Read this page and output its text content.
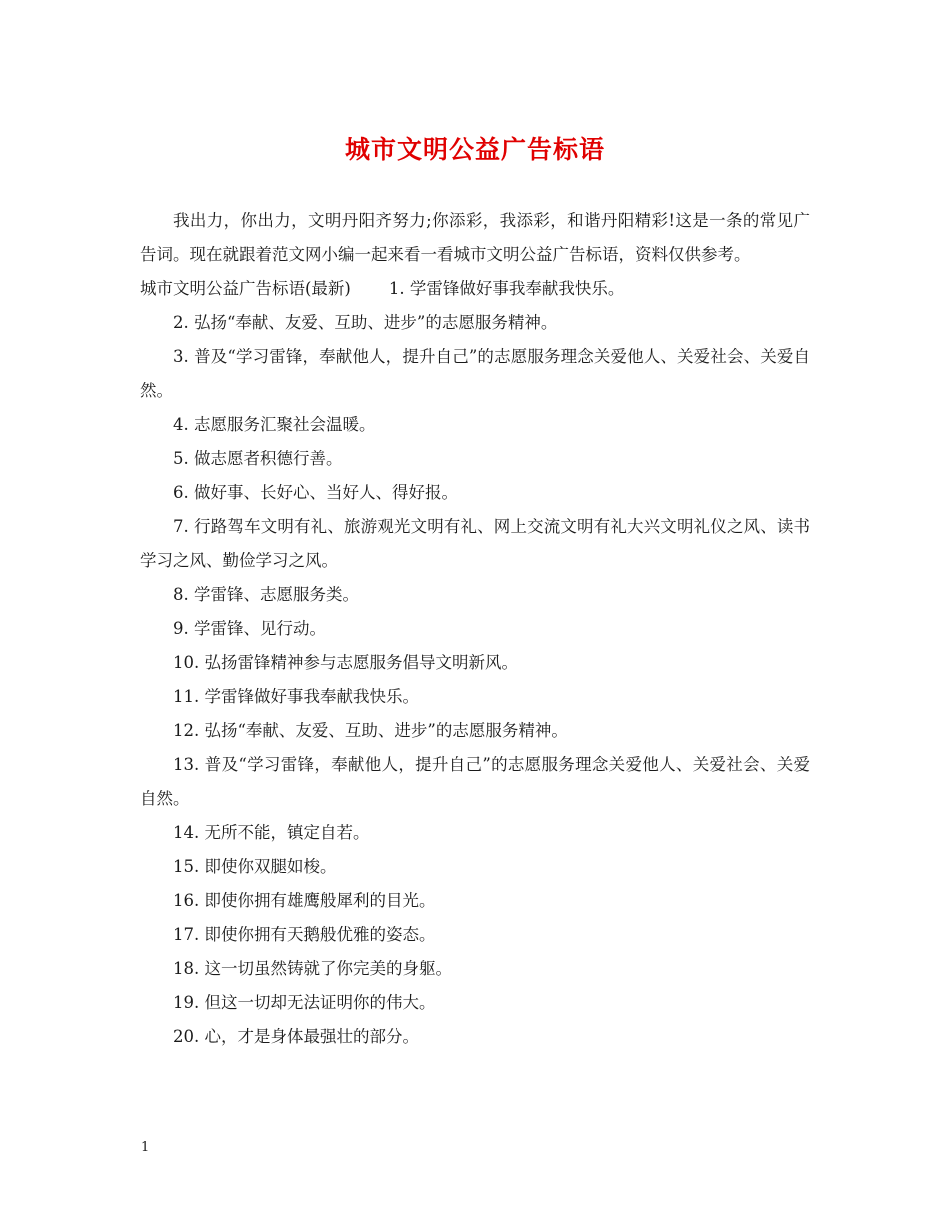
城市文明公益广告标语

我出力，你出力，文明丹阳齐努力;你添彩，我添彩，和谐丹阳精彩!这是一条的常见广告词。现在就跟着范文网小编一起来看一看城市文明公益广告标语，资料仅供参考。

城市文明公益广告标语(最新) 1. 学雷锋做好事我奉献我快乐。

2. 弘扬“奉献、友爱、互助、进步”的志愿服务精神。

3. 普及“学习雷锋，奉献他人，提升自己”的志愿服务理念关爱他人、关爱社会、关爱自然。

4. 志愿服务汇聚社会温暖。

5. 做志愿者积德行善。

6. 做好事、长好心、当好人、得好报。

7. 行路驾车文明有礼、旅游观光文明有礼、网上交流文明有礼大兴文明礼仪之风、读书学习之风、勤俭学习之风。

8. 学雷锋、志愿服务类。

9. 学雷锋、见行动。

10. 弘扬雷锋精神参与志愿服务倡导文明新风。

11. 学雷锋做好事我奉献我快乐。

12. 弘扬“奉献、友爱、互助、进步”的志愿服务精神。

13. 普及“学习雷锋，奉献他人，提升自己”的志愿服务理念关爱他人、关爱社会、关爱自然。

14. 无所不能，镇定自若。

15. 即使你双腿如梭。

16. 即使你拥有雄鹰般犀利的目光。

17. 即使你拥有天鹅般优雅的姿态。

18. 这一切虽然铸就了你完美的身躯。

19. 但这一切却无法证明你的伟大。

20. 心，才是身体最强壮的部分。

1
